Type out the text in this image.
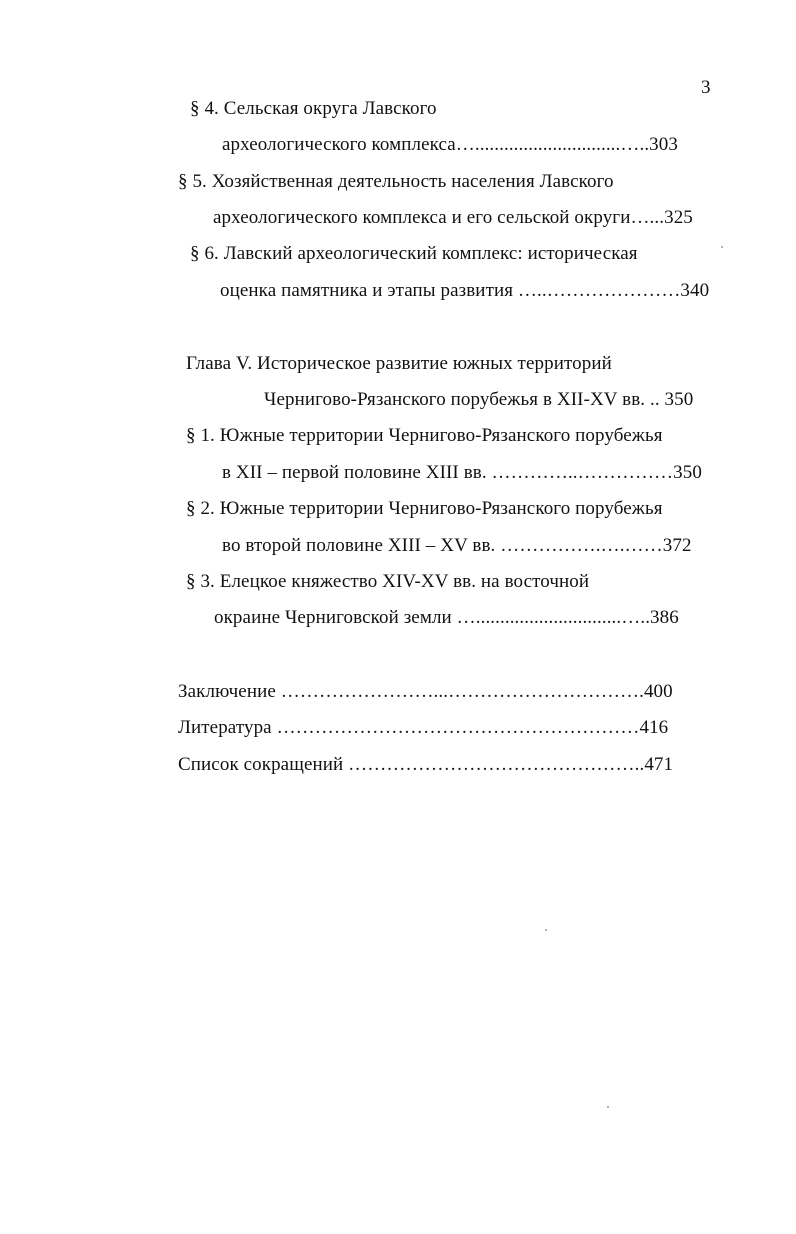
3
§ 4. Сельская округа Лавского
археологического комплекса…..............................…..303
§ 5. Хозяйственная деятельность населения Лавского
археологического комплекса и его сельской округи…...325
§ 6. Лавский археологический комплекс: историческая
оценка памятника и этапы развития …..…………………340
Глава V. Историческое развитие южных территорий
Чернигово-Рязанского порубежья в XII-XV вв. .. 350
§ 1. Южные территории Чернигово-Рязанского порубежья
в XII – первой половине XIII вв. …………..……………350
§ 2. Южные территории Чернигово-Рязанского порубежья
во второй половине XIII – XV вв. …………….….……372
§ 3. Елецкое княжество XIV-XV вв. на восточной
окраине Черниговской земли …..............................…..386
Заключение ……………………...………………………….400
Литература …………………………………………………416
Список сокращений ………………………………………..471
